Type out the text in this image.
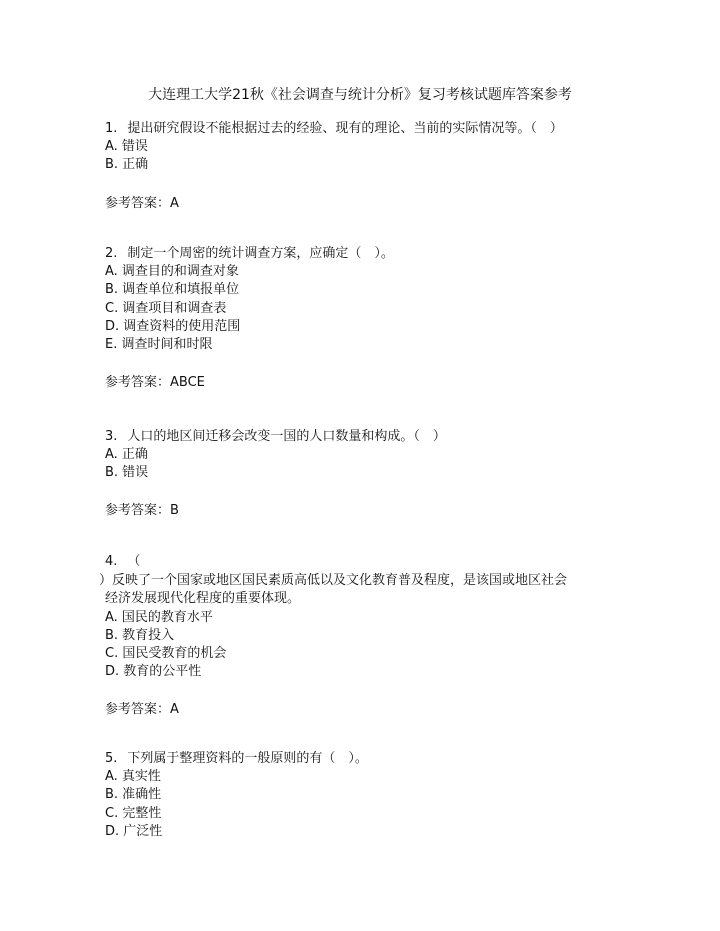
大连理工大学21秋《社会调查与统计分析》复习考核试题库答案参考

1. 提出研究假设不能根据过去的经验、现有的理论、当前的实际情况等。（　）

A. 错误
B. 正确
参考答案：A

2. 制定一个周密的统计调查方案，应确定（　）。

A. 调查目的和调查对象
B. 调查单位和填报单位
C. 调查项目和调查表
D. 调查资料的使用范围
E. 调查时间和时限
参考答案：ABCE

3. 人口的地区间迁移会改变一国的人口数量和构成。（　）

A. 正确
B. 错误
参考答案：B
4. （
）反映了一个国家或地区国民素质高低以及文化教育普及程度，是该国或地区社会
经济发展现代化程度的重要体现。
A. 国民的教育水平
B. 教育投入
C. 国民受教育的机会
D. 教育的公平性
参考答案：A

5. 下列属于整理资料的一般原则的有（　）。

A. 真实性
B. 准确性
C. 完整性
D. 广泛性
